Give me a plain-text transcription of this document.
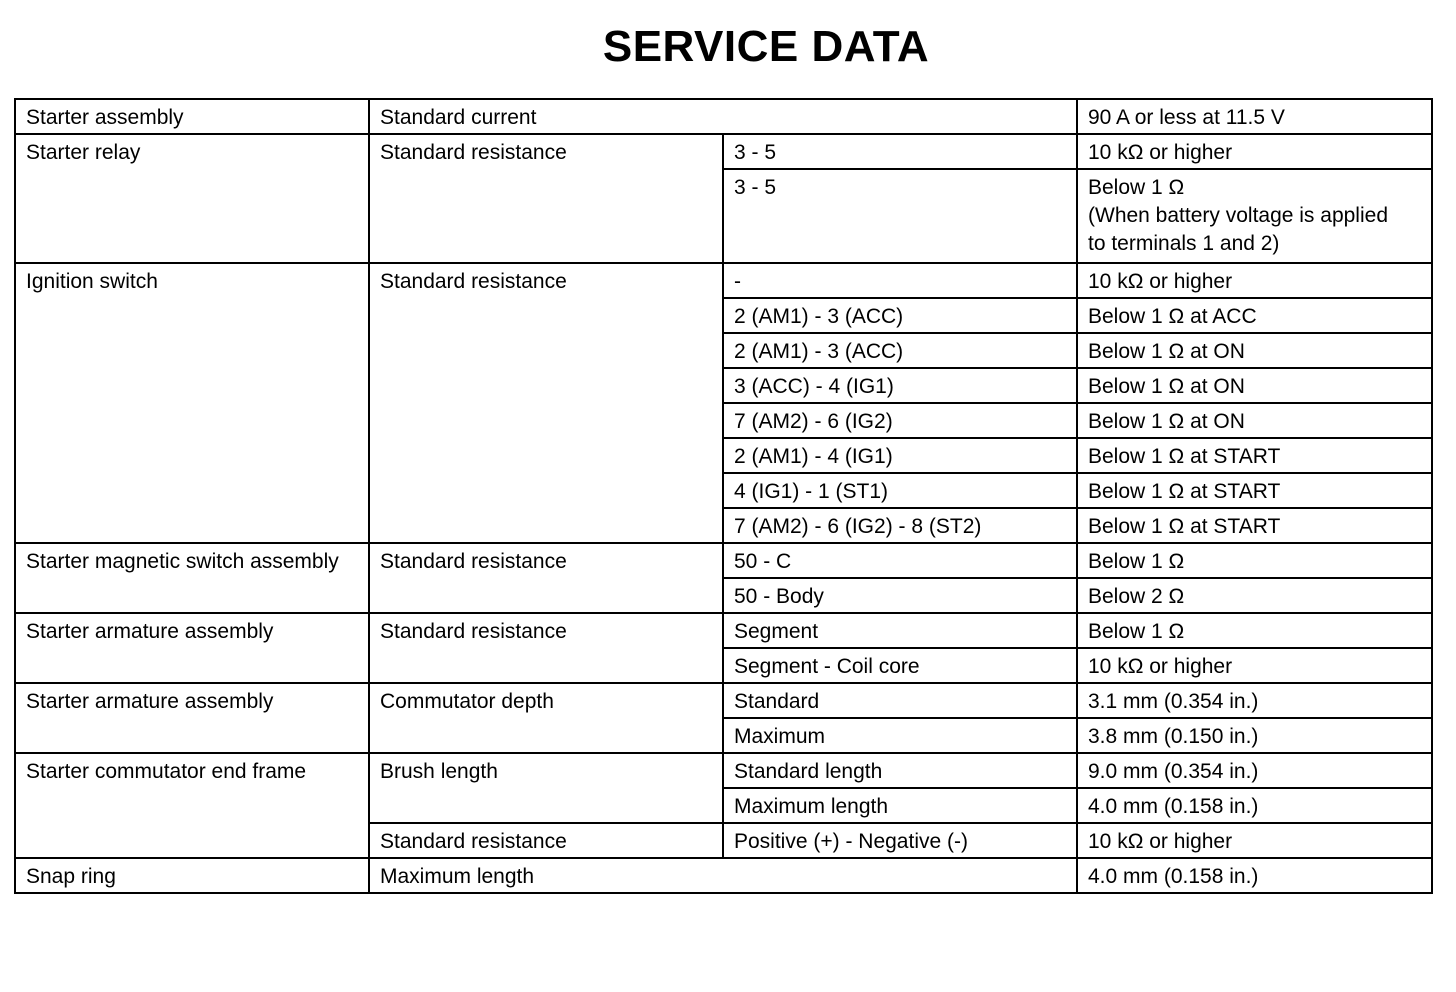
SERVICE DATA
Starter assembly	Standard current		90 A or less at 11.5 V
Starter relay	Standard resistance	3 - 5	10 kΩ or higher
		3 - 5	Below 1 Ω
(When battery voltage is applied
to terminals 1 and 2)

Ignition switch	Standard resistance	-	10 kΩ or higher
		2 (AM1) - 3 (ACC)	Below 1 Ω at ACC
		2 (AM1) - 3 (ACC)	Below 1 Ω at ON
		3 (ACC) - 4 (IG1)	Below 1 Ω at ON
		7 (AM2) - 6 (IG2)	Below 1 Ω at ON
		2 (AM1) - 4 (IG1)	Below 1 Ω at START
		4 (IG1) - 1 (ST1)	Below 1 Ω at START
		7 (AM2) - 6 (IG2) - 8 (ST2)	Below 1 Ω at START
Starter magnetic switch assembly	Standard resistance	50 - C	Below 1 Ω
		50 - Body	Below 2 Ω
Starter armature assembly	Standard resistance	Segment	Below 1 Ω
		Segment - Coil core	10 kΩ or higher
Starter armature assembly	Commutator depth	Standard	3.1 mm (0.354 in.)
		Maximum	3.8 mm (0.150 in.)
Starter commutator end frame	Brush length	Standard length	9.0 mm (0.354 in.)
		Maximum length	4.0 mm (0.158 in.)
	Standard resistance	Positive (+) - Negative (-)	10 kΩ or higher
Snap ring	Maximum length		4.0 mm (0.158 in.)
